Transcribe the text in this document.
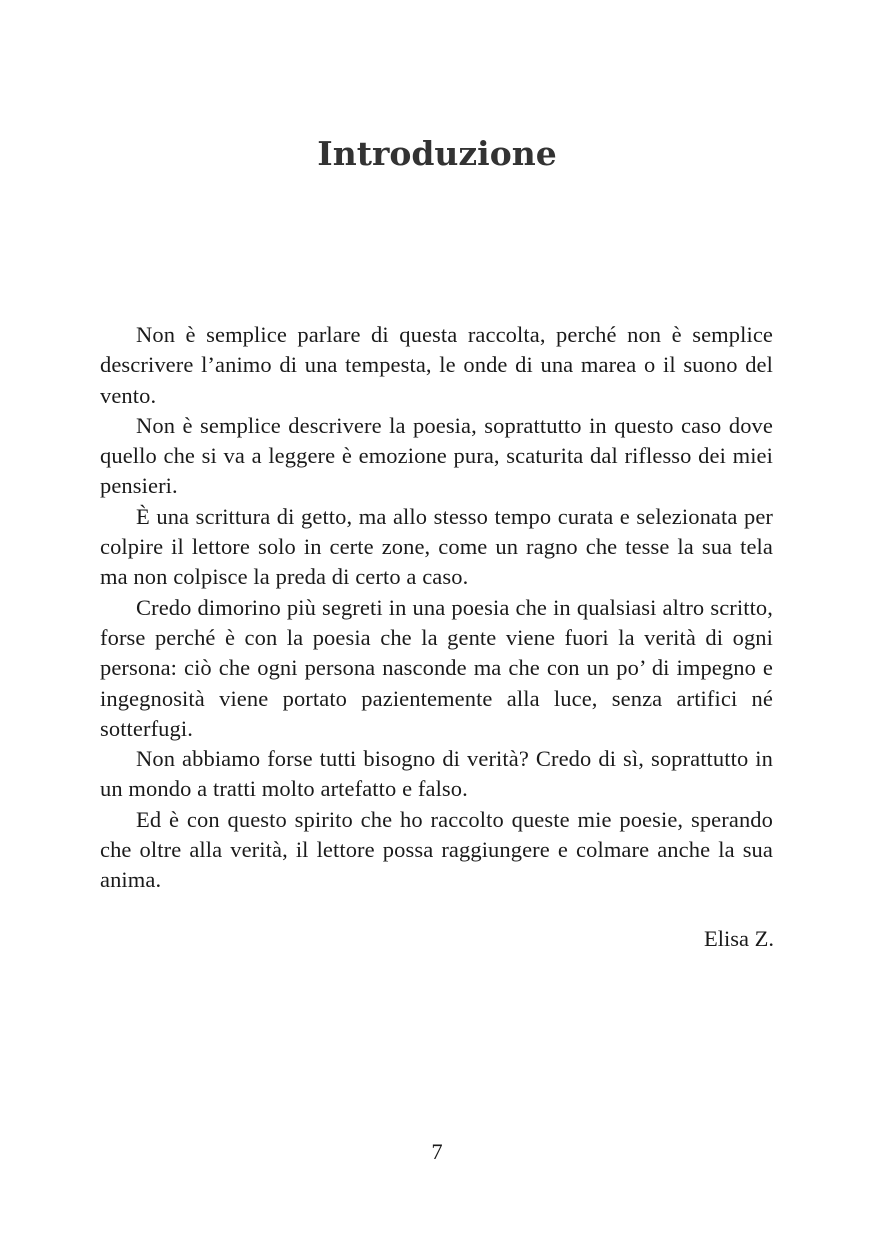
Introduzione

Non è semplice parlare di questa raccolta, perché non è semplice descrivere l’animo di una tempesta, le onde di una marea o il suono del vento.

Non è semplice descrivere la poesia, soprattutto in questo caso dove quello che si va a leggere è emozione pura, scaturita dal riflesso dei miei pensieri.

È una scrittura di getto, ma allo stesso tempo curata e selezionata per colpire il lettore solo in certe zone, come un ragno che tesse la sua tela ma non colpisce la preda di certo a caso.

Credo dimorino più segreti in una poesia che in qualsiasi altro scritto, forse perché è con la poesia che la gente viene fuori la verità di ogni persona: ciò che ogni persona nasconde ma che con un po’ di impegno e ingegnosità viene portato pazientemente alla luce, senza artifici né sotterfugi.

Non abbiamo forse tutti bisogno di verità? Credo di sì, soprattutto in un mondo a tratti molto artefatto e falso.

Ed è con questo spirito che ho raccolto queste mie poesie, sperando che oltre alla verità, il lettore possa raggiungere e colmare anche la sua anima.

Elisa Z.

7
